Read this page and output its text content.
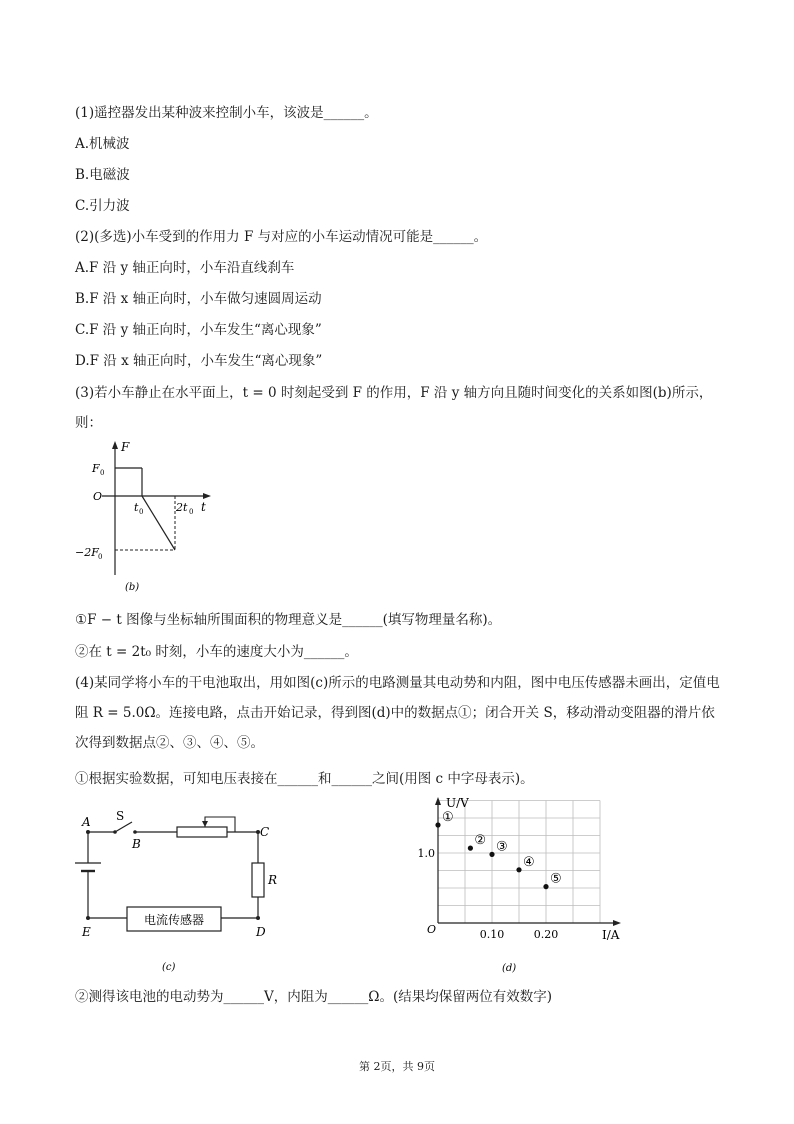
(1)遥控器发出某种波来控制小车，该波是______。
A.机械波
B.电磁波
C.引力波
(2)(多选)小车受到的作用力 F 与对应的小车运动情况可能是______。
A.F 沿 y 轴正向时，小车沿直线刹车
B.F 沿 x 轴正向时，小车做匀速圆周运动
C.F 沿 y 轴正向时，小车发生“离心现象”
D.F 沿 x 轴正向时，小车发生“离心现象”
(3)若小车静止在水平面上，t = 0 时刻起受到 F 的作用，F 沿 y 轴方向且随时间变化的关系如图(b)所示，则：
F
F 0
O
t 0	2t 0 t
−2F 0
(b)
①F − t 图像与坐标轴所围面积的物理意义是______(填写物理量名称)。
②在 t = 2t₀ 时刻，小车的速度大小为______。
(4)某同学将小车的干电池取出，用如图(c)所示的电路测量其电动势和内阻，图中电压传感器未画出，定值电阻 R = 5.0Ω。连接电路，点击开始记录，得到图(d)中的数据点①；闭合开关 S，移动滑动变阻器的滑片依次得到数据点②、③、④、⑤。
①根据实验数据，可知电压表接在______和______之间(用图 c 中字母表示)。
A S
B
C
R
E	D
电流传感器
(c)
U/V
I/A
O
1.0
0.10	0.20
①
② ③
④
⑤
(d)
②测得该电池的电动势为______V，内阻为______Ω。(结果均保留两位有效数字)
第 2页，共 9页
